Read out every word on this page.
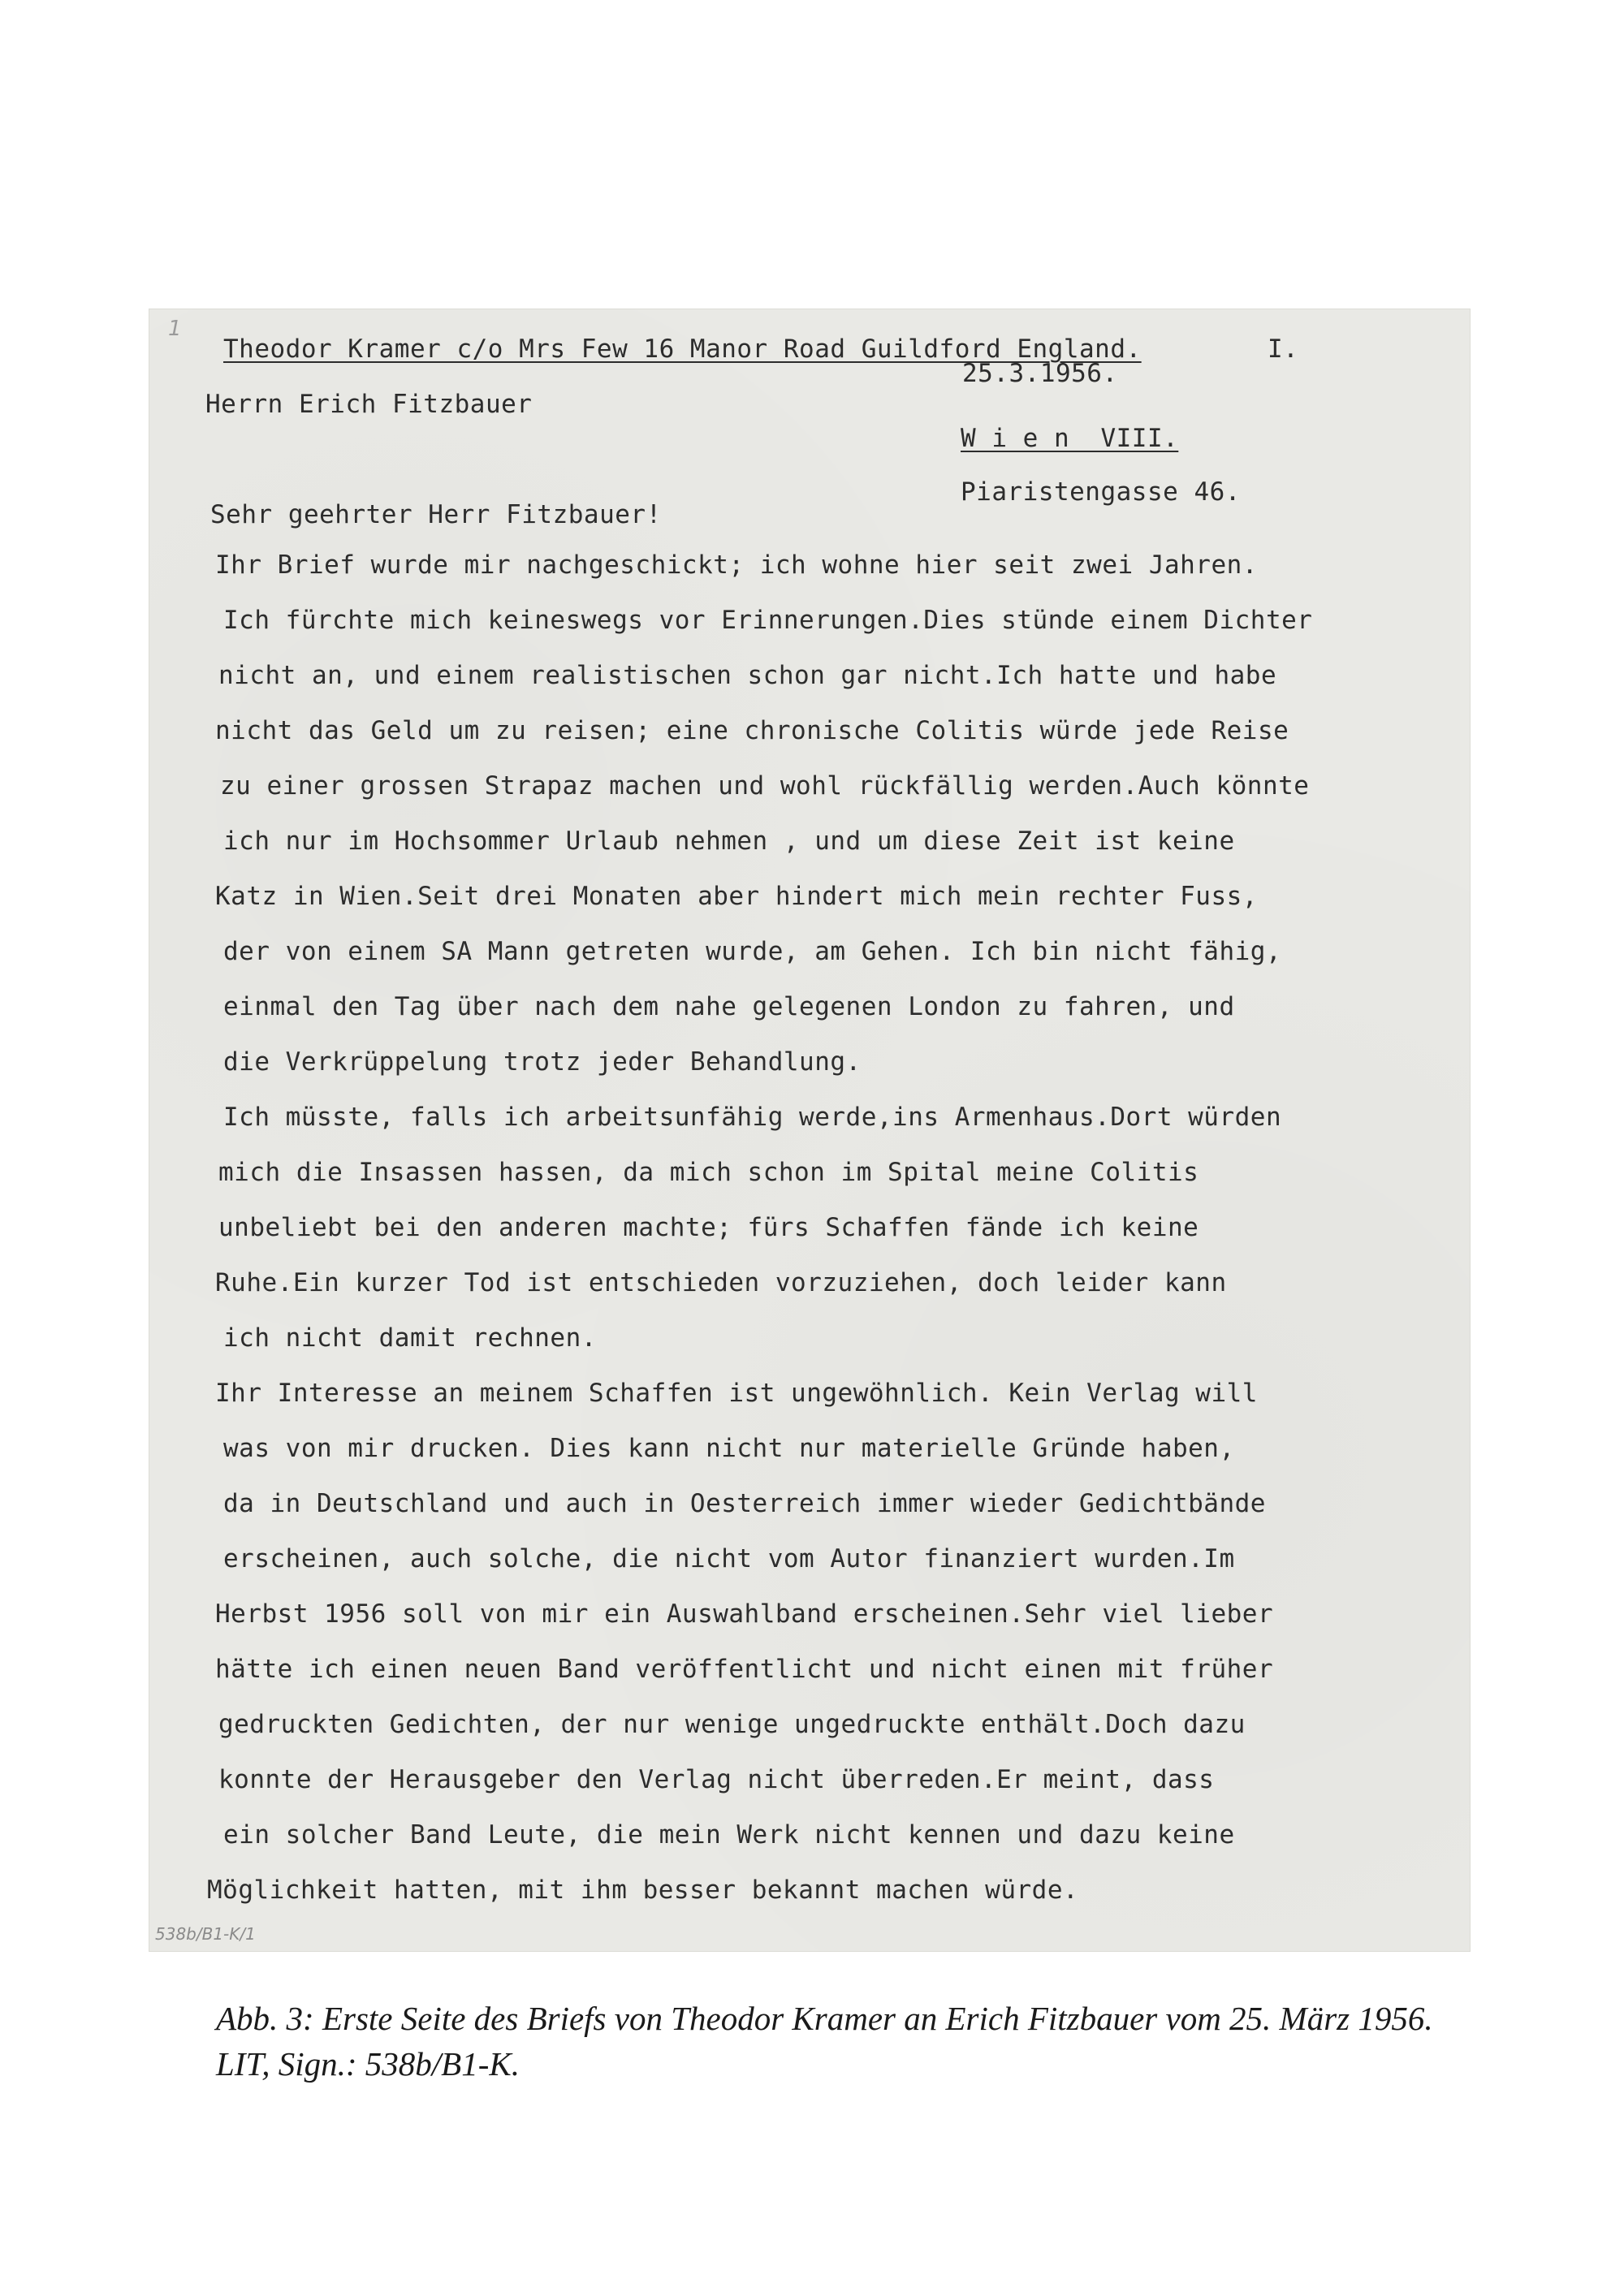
1
Theodor Kramer c/o Mrs Few 16 Manor Road Guildford England.	I.
25.3.1956.
Herrn Erich Fitzbauer
W i e n  VIII.
Piaristengasse 46.
Sehr geehrter Herr Fitzbauer!
Ihr Brief wurde mir nachgeschickt; ich wohne hier seit zwei Jahren.
Ich fürchte mich keineswegs vor Erinnerungen.Dies stünde einem Dichter
nicht an, und einem realistischen schon gar nicht.Ich hatte und habe
nicht das Geld um zu reisen; eine chronische Colitis würde jede Reise
zu einer grossen Strapaz machen und wohl rückfällig werden.Auch könnte
ich nur im Hochsommer Urlaub nehmen , und um diese Zeit ist keine
Katz in Wien.Seit drei Monaten aber hindert mich mein rechter Fuss,
der von einem SA Mann getreten wurde, am Gehen. Ich bin nicht fähig,
einmal den Tag über nach dem nahe gelegenen London zu fahren, und
die Verkrüppelung trotz jeder Behandlung.
Ich müsste, falls ich arbeitsunfähig werde,ins Armenhaus.Dort würden
mich die Insassen hassen, da mich schon im Spital meine Colitis
unbeliebt bei den anderen machte; fürs Schaffen fände ich keine
Ruhe.Ein kurzer Tod ist entschieden vorzuziehen, doch leider kann
ich nicht damit rechnen.
Ihr Interesse an meinem Schaffen ist ungewöhnlich. Kein Verlag will
was von mir drucken. Dies kann nicht nur materielle Gründe haben,
da in Deutschland und auch in Oesterreich immer wieder Gedichtbände
erscheinen, auch solche, die nicht vom Autor finanziert wurden.Im
Herbst 1956 soll von mir ein Auswahlband erscheinen.Sehr viel lieber
hätte ich einen neuen Band veröffentlicht und nicht einen mit früher
gedruckten Gedichten, der nur wenige ungedruckte enthält.Doch dazu
konnte der Herausgeber den Verlag nicht überreden.Er meint, dass
ein solcher Band Leute, die mein Werk nicht kennen und dazu keine
Möglichkeit hatten, mit ihm besser bekannt machen würde.
538b/B1-K/1
Abb. 3: Erste Seite des Briefs von Theodor Kramer an Erich Fitzbauer vom 25. März 1956.
LIT, Sign.: 538b/B1-K.
